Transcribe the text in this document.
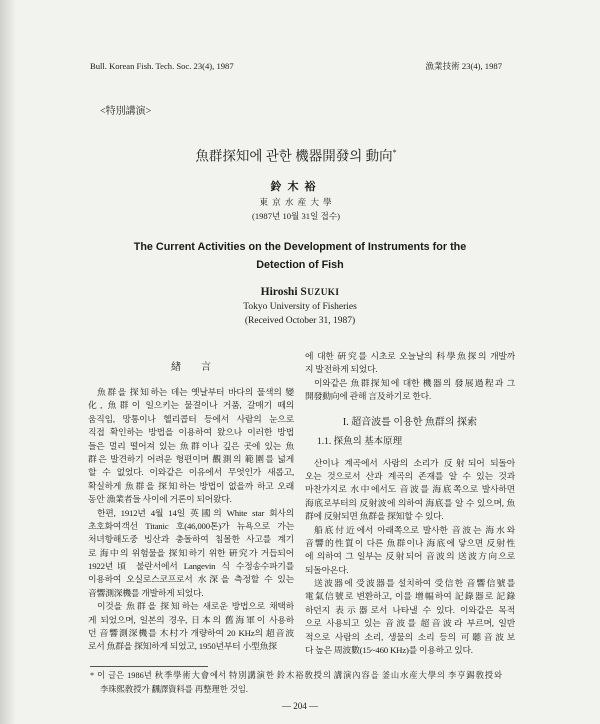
Bull. Korean Fish. Tech. Soc. 23(4), 1987	漁業技術 23(4), 1987
<特別講演>
魚群探知에 관한 機器開發의 動向*
鈴木裕
東 京 水 産 大 學
(1987년 10월 31일 접수)
The Current Activities on the Development of Instruments for the
Detection of Fish
Hiroshi SUZUKI
Tokyo University of Fisheries
(Received October 31, 1987)
緖言
魚群을 探知하는 데는 옛날부터 바다의 물색의 變
化, 魚群이 일으키는 물결이나 거품, 갈매기 떼의
움직임, 망통이나 헬리콥터 등에서 사람의 눈으로
직접 확인하는 방법을 이용하여 왔으나 이러한 방법
들은 멀리 떨어져 있는 魚群이나 깊은 곳에 있는 魚
群은 발견하기 어려운 형편이며 觀測의 範圍를 넓게
할 수 없었다. 이와같은 이유에서 무엇인가 새롭고,
확실하게 魚群을 探知하는 방법이 없을까 하고 오래
동안 漁業者들 사이에 거론이 되어왔다.
한편, 1912년 4월 14일 英國의 White star 회사의
초호화여객선 Titanic 호(46,000톤)가 뉴욕으로 가는
처녀항해도중 빙산과 충돌하여 침몰한 사고를 계기
로 海中의 위험물을 探知하기 위한 硏究가 거듭되어
1922년頃 불란서에서 Langevin 식 수정송수파기를
이용하여 오실로스코프로서 水深을 측정할 수 있는
音響測深機를 개발하게 되었다.
이것을 魚群을 探知하는 새로운 방법으로 채택하
게 되었으며, 일본의 경우, 日本의 舊海軍이 사용하
던 音響測深機를 木村가 개량하여 20 KHz의 超音波
로서 魚群을 探知하게 되었고, 1950년부터 小型魚探
에 대한 硏究를 시초로 오늘날의 科學魚探의 개발까
지 발전하게 되었다.
이와같은 魚群探知에 대한 機器의 發展過程과 그
開發動向에 관해 言及하기로 한다.
I. 超音波를 이용한 魚群의 探索
1.1. 探魚의 基本原理
산이나 계곡에서 사람의 소리가 反射되어 되돌아
오는 것으로서 산과 계곡의 존재를 알 수 있는 것과
마찬가지로 水中에서도 音波를 海底쪽으로 발사하면
海底로부터의 反射波에 의하여 海底를 알 수 있으며, 魚
群에 反射되면 魚群을 探知할 수 있다.
船底付近에서 아래쪽으로 발사한 音波는 海水와
音響的性質이 다른 魚群이나 海底에 닿으면 反射性
에 의하여 그 일부는 反射되어 音波의 送波方向으로
되돌아온다.
送波器에 受波器를 설치하여 受信한 音響信號를
電氣信號로 변환하고, 이를 增幅하여 記錄器로 記錄
하던지 表示器로서 나타낼 수 있다. 이와같은 목적
으로 사용되고 있는 音波를 超音波라 부르며, 일반
적으로 사람의 소리, 생물의 소리 등의 可聽音波보
다 높은 周波數(15~460 KHz)를 이용하고 있다.
* 이 글은 1986년 秋季學術大會에서 特別講演한 鈴木裕敎授의 講演內容을 釜山水産大學의 李亨錫敎授와
李珠熙敎授가 飜譯資料를 再整理한 것임.
— 204 —
